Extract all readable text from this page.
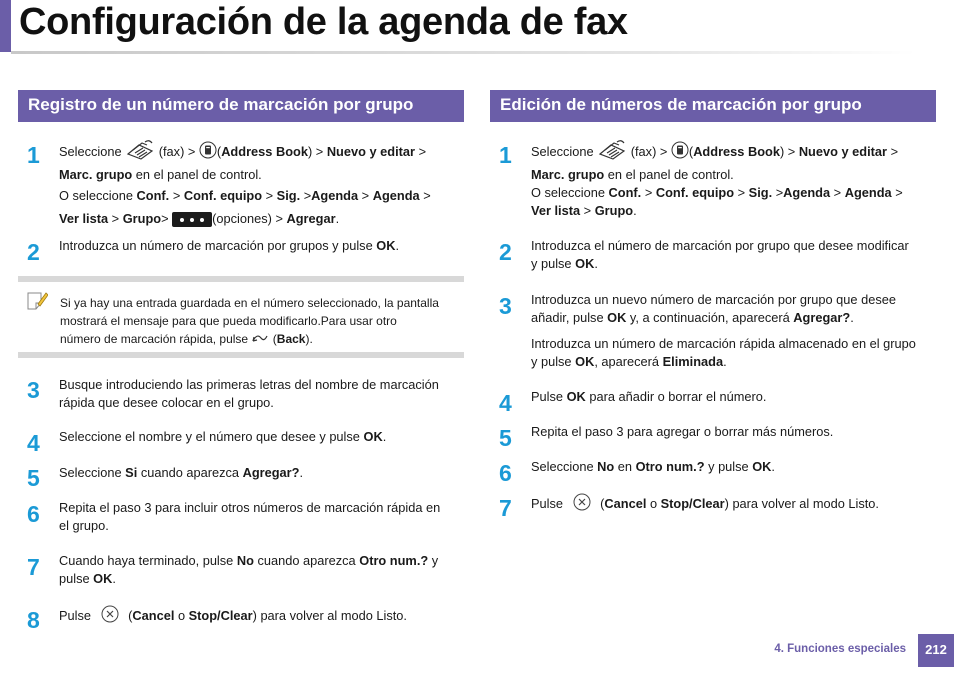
Configuración de la agenda de fax
Registro de un número de marcación por grupo
1 Seleccione	(fax) > (Address Book) > Nuevo y editar >
Marc. grupo en el panel de control.
O seleccione Conf. > Conf. equipo > Sig. >Agenda > Agenda >
Ver lista > Grupo>	(opciones) > Agregar.
2 Introduzca un número de marcación por grupos y pulse OK.
Si ya hay una entrada guardada en el número seleccionado, la pantalla
mostrará el mensaje para que pueda modificarlo.Para usar otro
número de marcación rápida, pulse (Back).
3 Busque introduciendo las primeras letras del nombre de marcación
rápida que desee colocar en el grupo.
4 Seleccione el nombre y el número que desee y pulse OK.
5 Seleccione Si cuando aparezca Agregar?.
6 Repita el paso 3 para incluir otros números de marcación rápida en
el grupo.
7 Cuando haya terminado, pulse No cuando aparezca Otro num.? y
pulse OK.
8 Pulse	(Cancel o Stop/Clear) para volver al modo Listo.
Edición de números de marcación por grupo
1 Seleccione	(fax) > (Address Book) > Nuevo y editar >
Marc. grupo en el panel de control.
O seleccione Conf. > Conf. equipo > Sig. >Agenda > Agenda >
Ver lista > Grupo.
2 Introduzca el número de marcación por grupo que desee modificar
y pulse OK.
3 Introduzca un nuevo número de marcación por grupo que desee
añadir, pulse OK y, a continuación, aparecerá Agregar?.
Introduzca un número de marcación rápida almacenado en el grupo
y pulse OK, aparecerá Eliminada.
4 Pulse OK para añadir o borrar el número.
5 Repita el paso 3 para agregar o borrar más números.
6 Seleccione No en Otro num.? y pulse OK.
7 Pulse	(Cancel o Stop/Clear) para volver al modo Listo.
4. Funciones especiales	212
